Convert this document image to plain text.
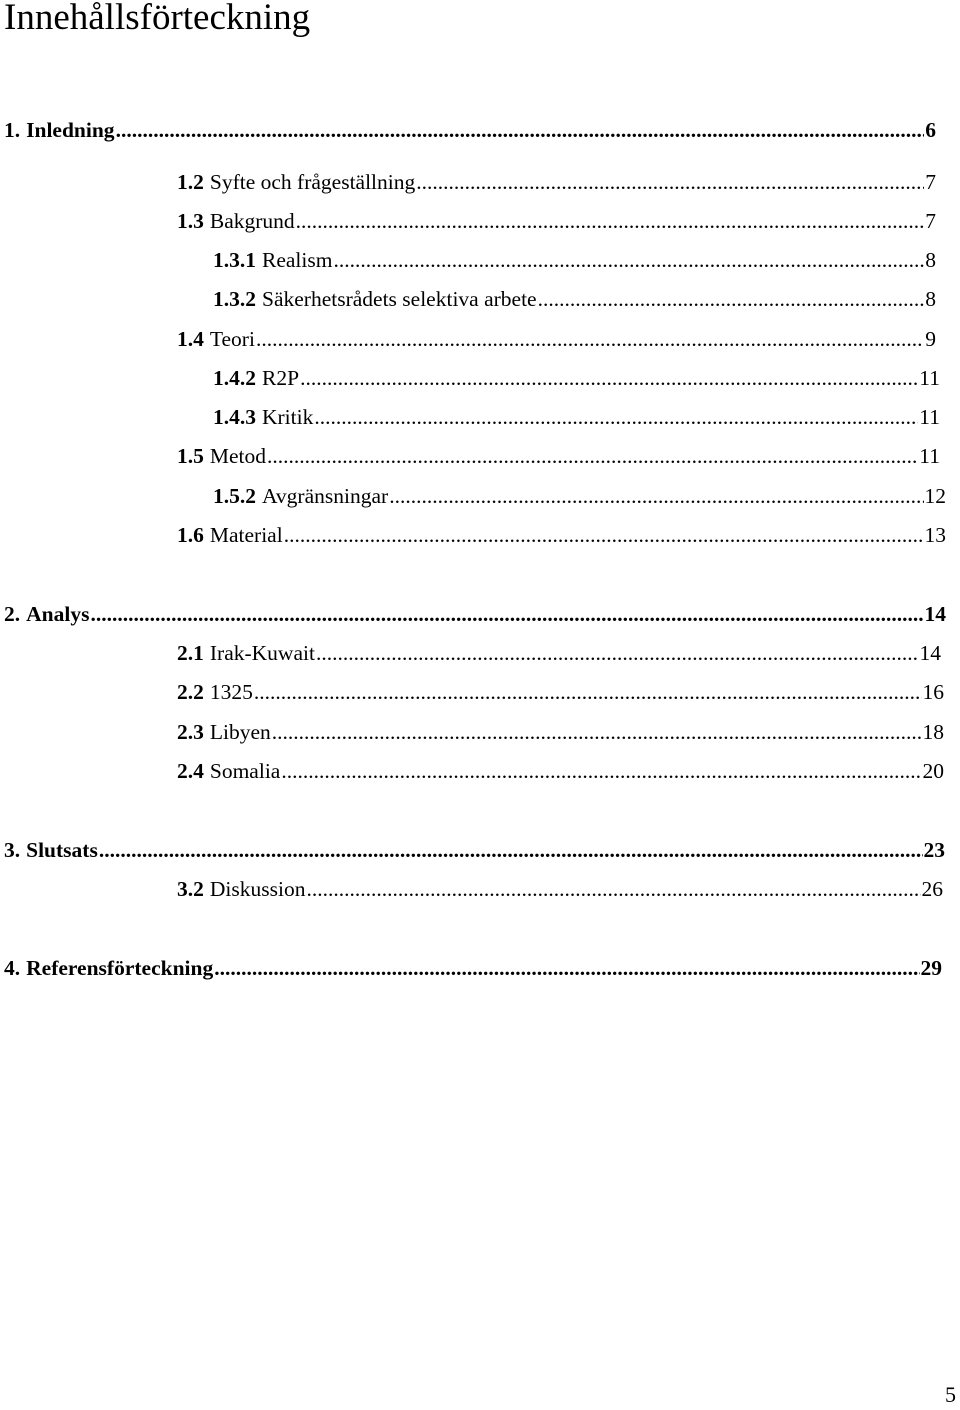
Innehållsförteckning
1. Inledning .....	6
1.2 Syfte och frågeställning .....	7
1.3 Bakgrund .....	7
1.3.1 Realism .....	8
1.3.2 Säkerhetsrådets selektiva arbete .....	8
1.4 Teori .....	9
1.4.2 R2P .....	11
1.4.3 Kritik .....	11
1.5 Metod .....	11
1.5.2 Avgränsningar .....	12
1.6 Material .....	13
2. Analys .....	14
2.1 Irak-Kuwait .....	14
2.2 1325 .....	16
2.3 Libyen .....	18
2.4 Somalia .....	20
3. Slutsats .....	23
3.2 Diskussion .....	26
4. Referensförteckning .....	29
5
